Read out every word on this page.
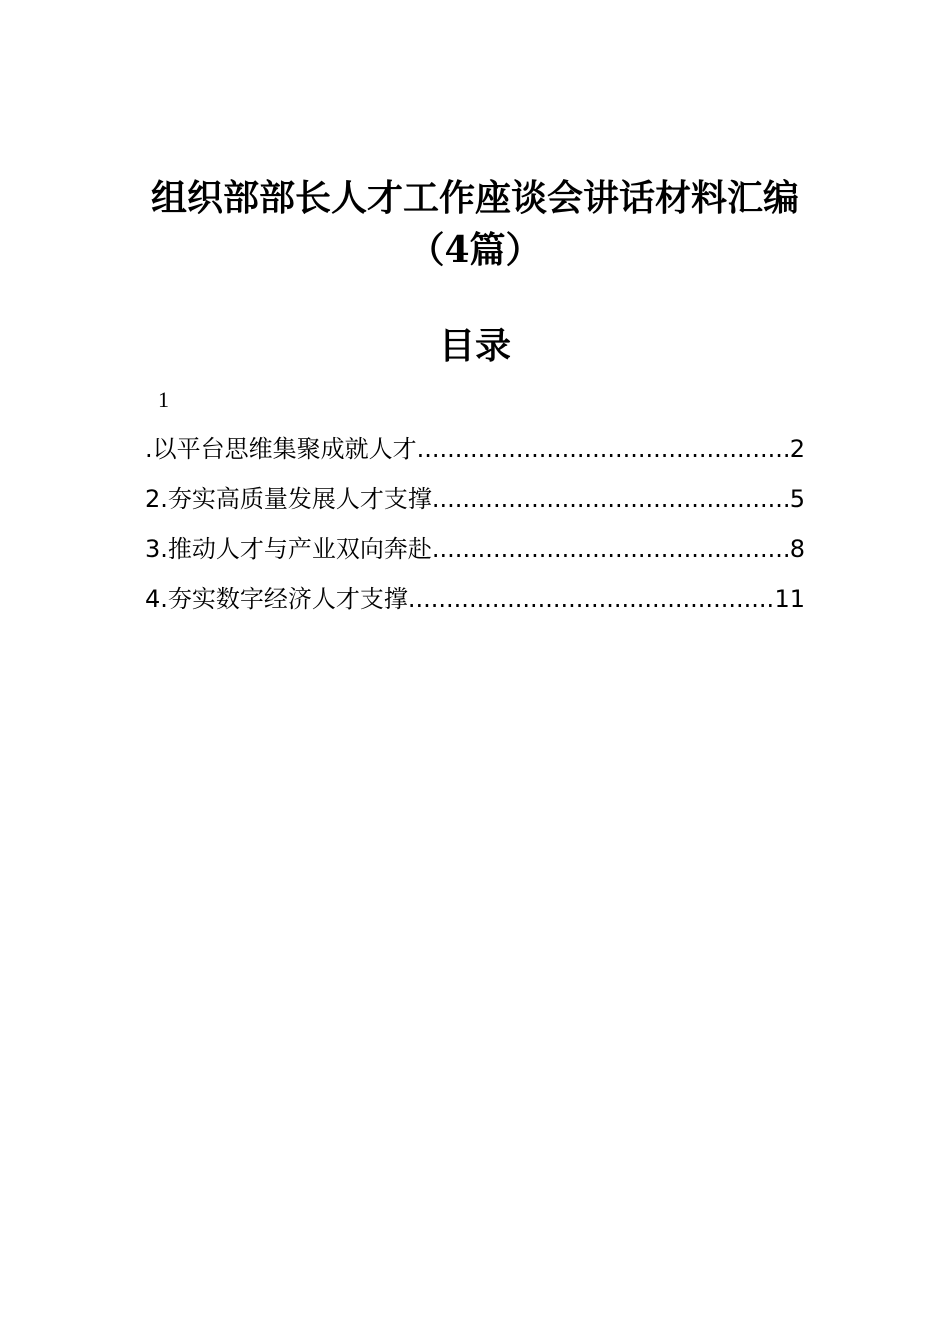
组织部部长人才工作座谈会讲话材料汇编
（4篇）
目录
1
.以平台思维集聚成就人才 .....	2
2.夯实高质量发展人才支撑 .....	5
3.推动人才与产业双向奔赴 .....	8
4.夯实数字经济人才支撑 .....	11
